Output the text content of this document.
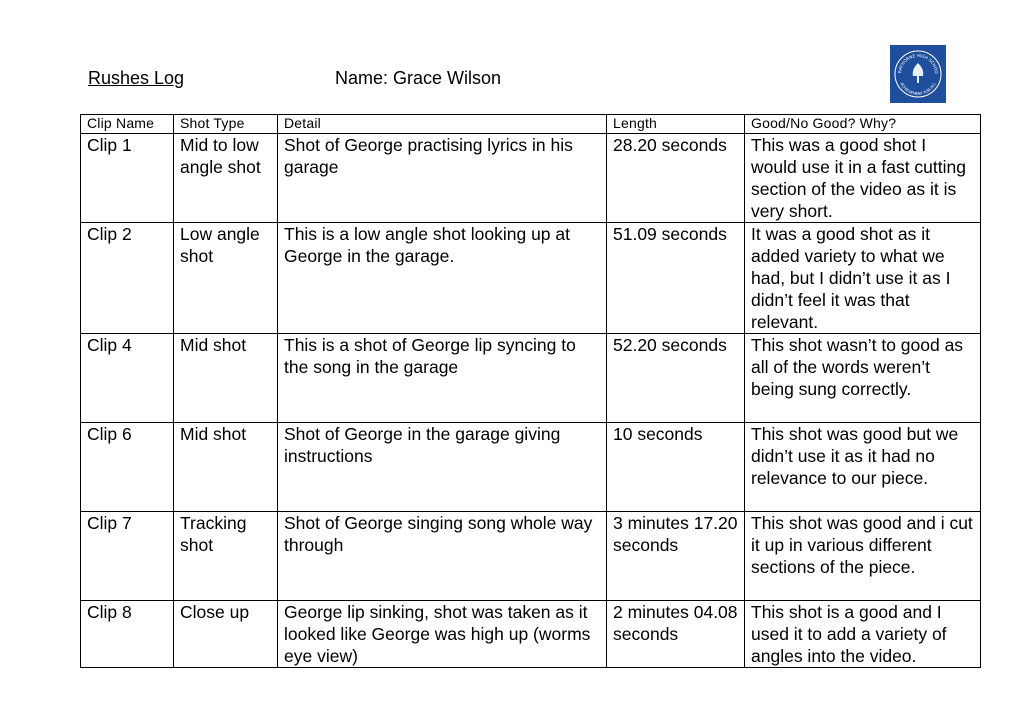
Rushes Log	Name: Grace Wilson	RAYHORNE HIGH SCHOO
ACHIEVEMENT FOR ALL
Clip Name	Shot Type	Detail	Length	Good/No Good? Why?
Clip 1	Mid to low angle shot	Shot of George practising lyrics in his garage	28.20 seconds	This was a good shot I would use it in a fast cutting section of the video as it is very short.
Clip 2	Low angle shot	This is a low angle shot looking up at George in the garage.	51.09 seconds	It was a good shot as it added variety to what we had, but I didn’t use it as I didn’t feel it was that relevant.
Clip 4	Mid shot	This is a shot of George lip syncing to the song in the garage	52.20 seconds	This shot wasn’t to good as all of the words weren’t being sung correctly.
Clip 6	Mid shot	Shot of George in the garage giving instructions	10 seconds	This shot was good but we didn’t use it as it had no relevance to our piece.
Clip 7	Tracking shot	Shot of George singing song whole way through	3 minutes 17.20 seconds	This shot was good and i cut it up in various different sections of the piece.
Clip 8	Close up	George lip sinking, shot was taken as it looked like George was high up (worms eye view)	2 minutes 04.08 seconds	This shot is a good and I used it to add a variety of angles into the video.
